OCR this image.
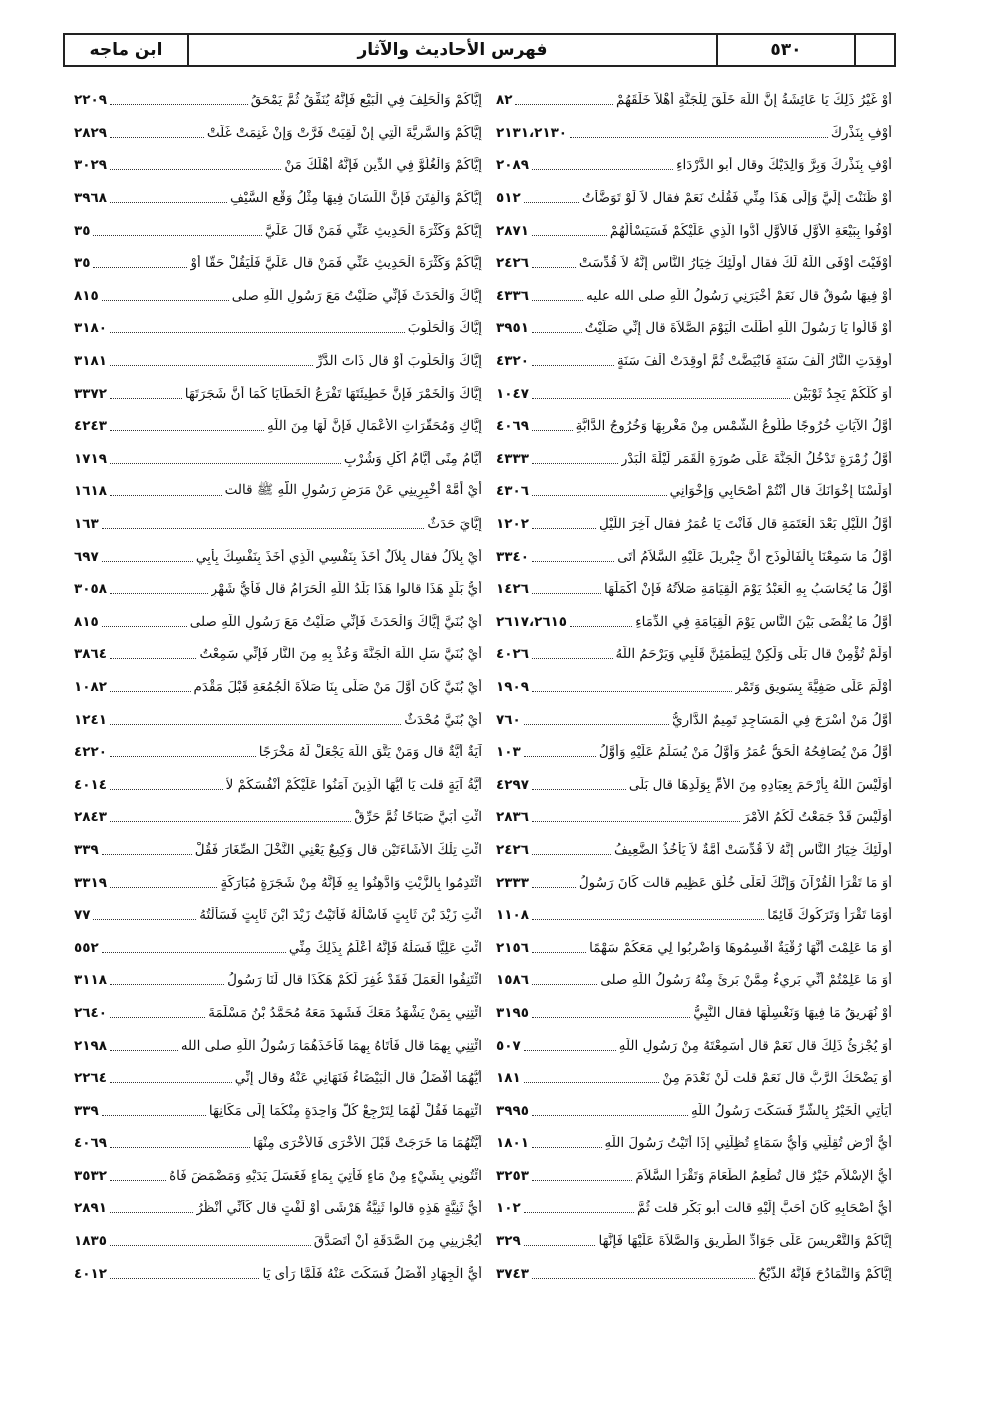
ابن ماجه	فهرس الأحاديث والآثار	٥٣٠
أَوْ غَيْرُ ذَلِكَ يَا عَائِشَةُ إِنَّ اللَّهَ خَلَقَ لِلْجَنَّةِ أَهْلاً خَلَقَهُمْ
٨٢
أَوْفِ بِنَذْرِكَ
٢١٣١،٢١٣٠
أَوْفِ بِنَذْرِكَ وَبِرَّ وَالِدَيْكَ وقال أبو الدَّرْدَاءِ
٢٠٨٩
أَوْ ظَنَنْتَ إِلَيَّ وَإِلَى هَذَا مِنِّي فَقُلْتُ نَعَمْ فقال لاَ لَوْ تَوَضَّأْتُ
٥١٢
أَوْفُوا بِبَيْعَةِ الأَوَّلِ فَالأَوَّلِ أَدُّوا الَّذِي عَلَيْكُمْ فَسَيَسْأَلُهُمْ
٢٨٧١
أَوْفَيْتَ أَوْفَى اللَّهُ لَكَ فقال أُولَئِكَ خِيَارُ النَّاسِ إِنَّهُ لاَ قُدِّسَتْ
٢٤٢٦
أَوْ فِيهَا سُوقٌ قال نَعَمْ أَخْبَرَنِي رَسُولُ اللَّهِ صلى الله عليه
٤٣٣٦
أَوْ قَالُوا يَا رَسُولَ اللَّهِ أَطَلْتَ الْيَوْمَ الصَّلاَةَ قال إِنِّي صَلَّيْتُ
٣٩٥١
أُوقِدَتِ النَّارُ أَلْفَ سَنَةٍ فَابْيَضَّتْ ثُمَّ أُوقِدَتْ أَلْفَ سَنَةٍ
٤٣٢٠
أَوَ كُلُّكُمْ يَجِدُ ثَوْبَيْنِ
١٠٤٧
أَوَّلُ الآيَاتِ خُرُوجًا طُلُوعُ الشَّمْسِ مِنْ مَغْرِبِهَا وَخُرُوجُ الدَّابَّةِ
٤٠٦٩
أَوَّلُ زُمْرَةٍ تَدْخُلُ الْجَنَّةَ عَلَى صُورَةِ الْقَمَرِ لَيْلَةَ الْبَدْرِ
٤٣٣٣
أَوَلَسْنَا إِخْوَانَكَ قال أَنْتُمْ أَصْحَابِي وَإِخْوَانِي
٤٣٠٦
أَوَّلُ اللَّيْلِ بَعْدَ الْعَتَمَةِ قال فَأَنْتَ يَا عُمَرُ فقال آخِرَ اللَّيْلِ
١٢٠٢
أَوَّلُ مَا سَمِعْنَا بِالْفَالُوذَجِ أَنَّ جِبْرِيلَ عَلَيْهِ السَّلاَمُ أَتَى
٣٣٤٠
أَوَّلُ مَا يُحَاسَبُ بِهِ الْعَبْدُ يَوْمَ الْقِيَامَةِ صَلاَتُهُ فَإِنْ أَكْمَلَهَا
١٤٢٦
أَوَّلُ مَا يُقْضَى بَيْنَ النَّاسِ يَوْمَ الْقِيَامَةِ فِي الدِّمَاءِ
٢٦١٧،٢٦١٥
أَوَلَمْ تُؤْمِنْ قال بَلَى وَلَكِنْ لِيَطْمَئِنَّ قَلْبِي وَيَرْحَمُ اللَّهُ
٤٠٢٦
أَوْلَمَ عَلَى صَفِيَّةَ بِسَوِيقٍ وَتَمْرٍ
١٩٠٩
أَوَّلُ مَنْ أَسْرَجَ فِي الْمَسَاجِدِ تَمِيمٌ الدَّارِيُّ
٧٦٠
أَوَّلُ مَنْ يُصَافِحُهُ الْحَقُّ عُمَرُ وَأَوَّلُ مَنْ يُسَلِّمُ عَلَيْهِ وَأَوَّلُ
١٠٣
أَوَلَيْسَ اللَّهُ بِأَرْحَمَ بِعِبَادِهِ مِنَ الأُمِّ بِوَلَدِهَا قال بَلَى
٤٢٩٧
أَوَلَيْسَ قَدْ جَمَعْتُ لَكُمُ الأَمْرَ
٢٨٣٦
أُولَئِكَ خِيَارُ النَّاسِ إِنَّهُ لاَ قُدِّسَتْ أُمَّةٌ لاَ يَأْخُذُ الضَّعِيفُ
٢٤٢٦
أَوَ مَا تَقْرَأُ الْقُرْآنَ وَإِنَّكَ لَعَلَى خُلُقٍ عَظِيمٍ قالت كَانَ رَسُولُ
٢٣٣٣
أَوَمَا تَقْرَأُ وَتَرَكُوكَ قَائِمًا
١١٠٨
أَوَ مَا عَلِمْتَ أَنَّهَا رُقْيَةٌ اقْسِمُوهَا وَاضْرِبُوا لِي مَعَكُمْ سَهْمًا
٢١٥٦
أَوَ مَا عَلِمْتُمْ أَنِّي بَرِيءٌ مِمَّنْ بَرِئَ مِنْهُ رَسُولُ اللَّهِ صلى
١٥٨٦
أَوْ نُهَرِيقُ مَا فِيهَا وَنَغْسِلُهَا فقال النَّبِيُّ
٣١٩٥
أَوَ يُجْزِئُ ذَلِكَ قال نَعَمْ قال أَسَمِعْتَهُ مِنْ رَسُولِ اللَّهِ
٥٠٧
أَوَ يَضْحَكُ الرَّبُّ قال نَعَمْ قلت لَنْ نَعْدَمَ مِنْ
١٨١
أَيَأْتِي الْخَيْرُ بِالشَّرِّ فَسَكَتَ رَسُولُ اللَّهِ
٣٩٩٥
أَيُّ أَرْضٍ تُقِلُّنِي وَأَيُّ سَمَاءٍ تُظِلُّنِي إِذَا أَتَيْتُ رَسُولَ اللَّهِ
١٨٠١
أَيُّ الإِسْلاَمِ خَيْرٌ قال تُطْعِمُ الطَّعَامَ وَتَقْرَأُ السَّلاَمَ
٣٢٥٣
أَيُّ أَصْحَابِهِ كَانَ أَحَبَّ إِلَيْهِ قالت أبو بَكْرٍ قلت ثُمَّ
١٠٢
إِيَّاكُمْ وَالتَّعْرِيسَ عَلَى جَوَادِّ الطَّرِيقِ وَالصَّلاَةَ عَلَيْهَا فَإِنَّهَا
٣٢٩
إِيَّاكُمْ وَالتَّمَادُحَ فَإِنَّهُ الذَّبْحُ
٣٧٤٣
إِيَّاكُمْ وَالْحَلِفَ فِي الْبَيْعِ فَإِنَّهُ يُنَفِّقُ ثُمَّ يَمْحَقُ
٢٢٠٩
إِيَّاكُمْ وَالسَّرِيَّةَ الَّتِي إِنْ لَقِيَتْ فَرَّتْ وَإِنْ غَنِمَتْ غَلَّتْ
٢٨٢٩
إِيَّاكُمْ وَالْغُلُوَّ فِي الدِّينِ فَإِنَّهُ أَهْلَكَ مَنْ
٣٠٢٩
إِيَّاكُمْ وَالْفِتَنَ فَإِنَّ اللِّسَانَ فِيهَا مِثْلُ وَقْعِ السَّيْفِ
٣٩٦٨
إِيَّاكُمْ وَكَثْرَةَ الْحَدِيثِ عَنِّي فَمَنْ قَالَ عَلَيَّ
٣٥
إِيَّاكُمْ وَكَثْرَةَ الْحَدِيثِ عَنِّي فَمَنْ قال عَلَيَّ فَلْيَقُلْ حَقًّا أَوْ
٣٥
إِيَّاكَ وَالْحَدَثَ فَإِنِّي صَلَّيْتُ مَعَ رَسُولِ اللَّهِ صلى
٨١٥
إِيَّاكَ وَالْحَلُوبَ
٣١٨٠
إِيَّاكَ وَالْحَلُوبَ أَوْ قال ذَاتَ الدَّرِّ
٣١٨١
إِيَّاكَ وَالْخَمْرَ فَإِنَّ خَطِيئَتَهَا تَفْرَعُ الْخَطَايَا كَمَا أَنَّ شَجَرَتَهَا
٣٣٧٢
إِيَّاكِ وَمُحَقَّرَاتِ الأَعْمَالِ فَإِنَّ لَهَا مِنَ اللَّهِ
٤٢٤٣
أَيَّامُ مِنًى أَيَّامُ أَكْلٍ وَشُرْبٍ
١٧١٩
أَيْ أُمَّهْ أَخْبِرِينِي عَنْ مَرَضِ رَسُولِ اللَّهِ ﷺ قالت
١٦١٨
إِيَّايَ حَدَثٌ
١٦٣
أَيْ بِلاَلُ فقال بِلاَلٌ أَخَذَ بِنَفْسِي الَّذِي أَخَذَ بِنَفْسِكَ بِأَبِي
٦٩٧
أَيُّ بَلَدٍ هَذَا قالوا هَذَا بَلَدُ اللَّهِ الْحَرَامُ قال فَأَيُّ شَهْرٍ
٣٠٥٨
أَيْ بُنَيَّ إِيَّاكَ وَالْحَدَثَ فَإِنِّي صَلَّيْتُ مَعَ رَسُولِ اللَّهِ صلى
٨١٥
أَيْ بُنَيَّ سَلِ اللَّهَ الْجَنَّةَ وَعُذْ بِهِ مِنَ النَّارِ فَإِنِّي سَمِعْتُ
٣٨٦٤
أَيْ بُنَيَّ كَانَ أَوَّلَ مَنْ صَلَّى بِنَا صَلاَةَ الْجُمُعَةِ قَبْلَ مَقْدَمِ
١٠٨٢
أَيْ بُنَيَّ مُحْدَثٌ
١٢٤١
آيَةٌ أَيَّةٌ قال وَمَنْ يَتَّقِ اللَّهَ يَجْعَلْ لَهُ مَخْرَجًا
٤٢٢٠
أَيَّةُ آيَةٍ قلت يَا أَيُّهَا الَّذِينَ آمَنُوا عَلَيْكُمْ أَنْفُسَكُمْ لاَ
٤٠١٤
ائْتِ أُبَيَّ صَبَاحًا ثُمَّ حَرِّقْ
٢٨٤٣
ائْتِ تِلْكَ الأَشَاءَتَيْنِ قال وَكِيعٌ يَعْنِي النَّخْلَ الصِّغَارَ فَقُلْ
٣٣٩
ائْتَدِمُوا بِالزَّيْتِ وَادَّهِنُوا بِهِ فَإِنَّهُ مِنْ شَجَرَةٍ مُبَارَكَةٍ
٣٣١٩
ائْتِ زَيْدَ بْنَ ثَابِتٍ فَاسْأَلْهُ فَأَتَيْتُ زَيْدَ ابْنَ ثَابِتٍ فَسَأَلْتُهُ
٧٧
ائْتِ عَلِيًّا فَسَلْهُ فَإِنَّهُ أَعْلَمُ بِذَلِكَ مِنِّي
٥٥٢
ائْتَنِفُوا الْعَمَلَ فَقَدْ غُفِرَ لَكُمْ هَكَذَا قال لَنَا رَسُولُ
٣١١٨
ائْتِنِي بِمَنْ يَشْهَدُ مَعَكَ فَشَهِدَ مَعَهُ مُحَمَّدُ بْنُ مَسْلَمَةَ
٢٦٤٠
ائْتِنِي بِهِمَا قال فَأَتَاهُ بِهِمَا فَأَخَذَهُمَا رَسُولُ اللَّهِ صلى الله
٢١٩٨
أَيُّهُمَا أَفْضَلُ قال الْبَيْضَاءُ فَنَهَانِي عَنْهُ وقال إِنِّي
٢٢٦٤
ائْتِهِمَا فَقُلْ لَهُمَا لِتَرْجِعْ كُلُّ وَاحِدَةٍ مِنْكُمَا إِلَى مَكَانِهَا
٣٣٩
أَيَّتُهُمَا مَا خَرَجَتْ قَبْلَ الأُخْرَى فَالأُخْرَى مِنْهَا
٤٠٦٩
ائْتُونِي بِشَيْءٍ مِنْ مَاءٍ فَأُتِيَ بِمَاءٍ فَغَسَلَ يَدَيْهِ وَمَضْمَضَ فَاهُ
٣٥٣٢
أَيُّ ثَنِيَّةٍ هَذِهِ قالوا ثَنِيَّةُ هَرْشَى أَوْ لَفْتٍ قال كَأَنِّي أَنْظُرُ
٢٨٩١
أَيُجْزِينِي مِنَ الصَّدَقَةِ أَنْ أَتَصَدَّقَ
١٨٣٥
أَيُّ الْجِهَادِ أَفْضَلُ فَسَكَتَ عَنْهُ فَلَمَّا رَأَى يَا
٤٠١٢
